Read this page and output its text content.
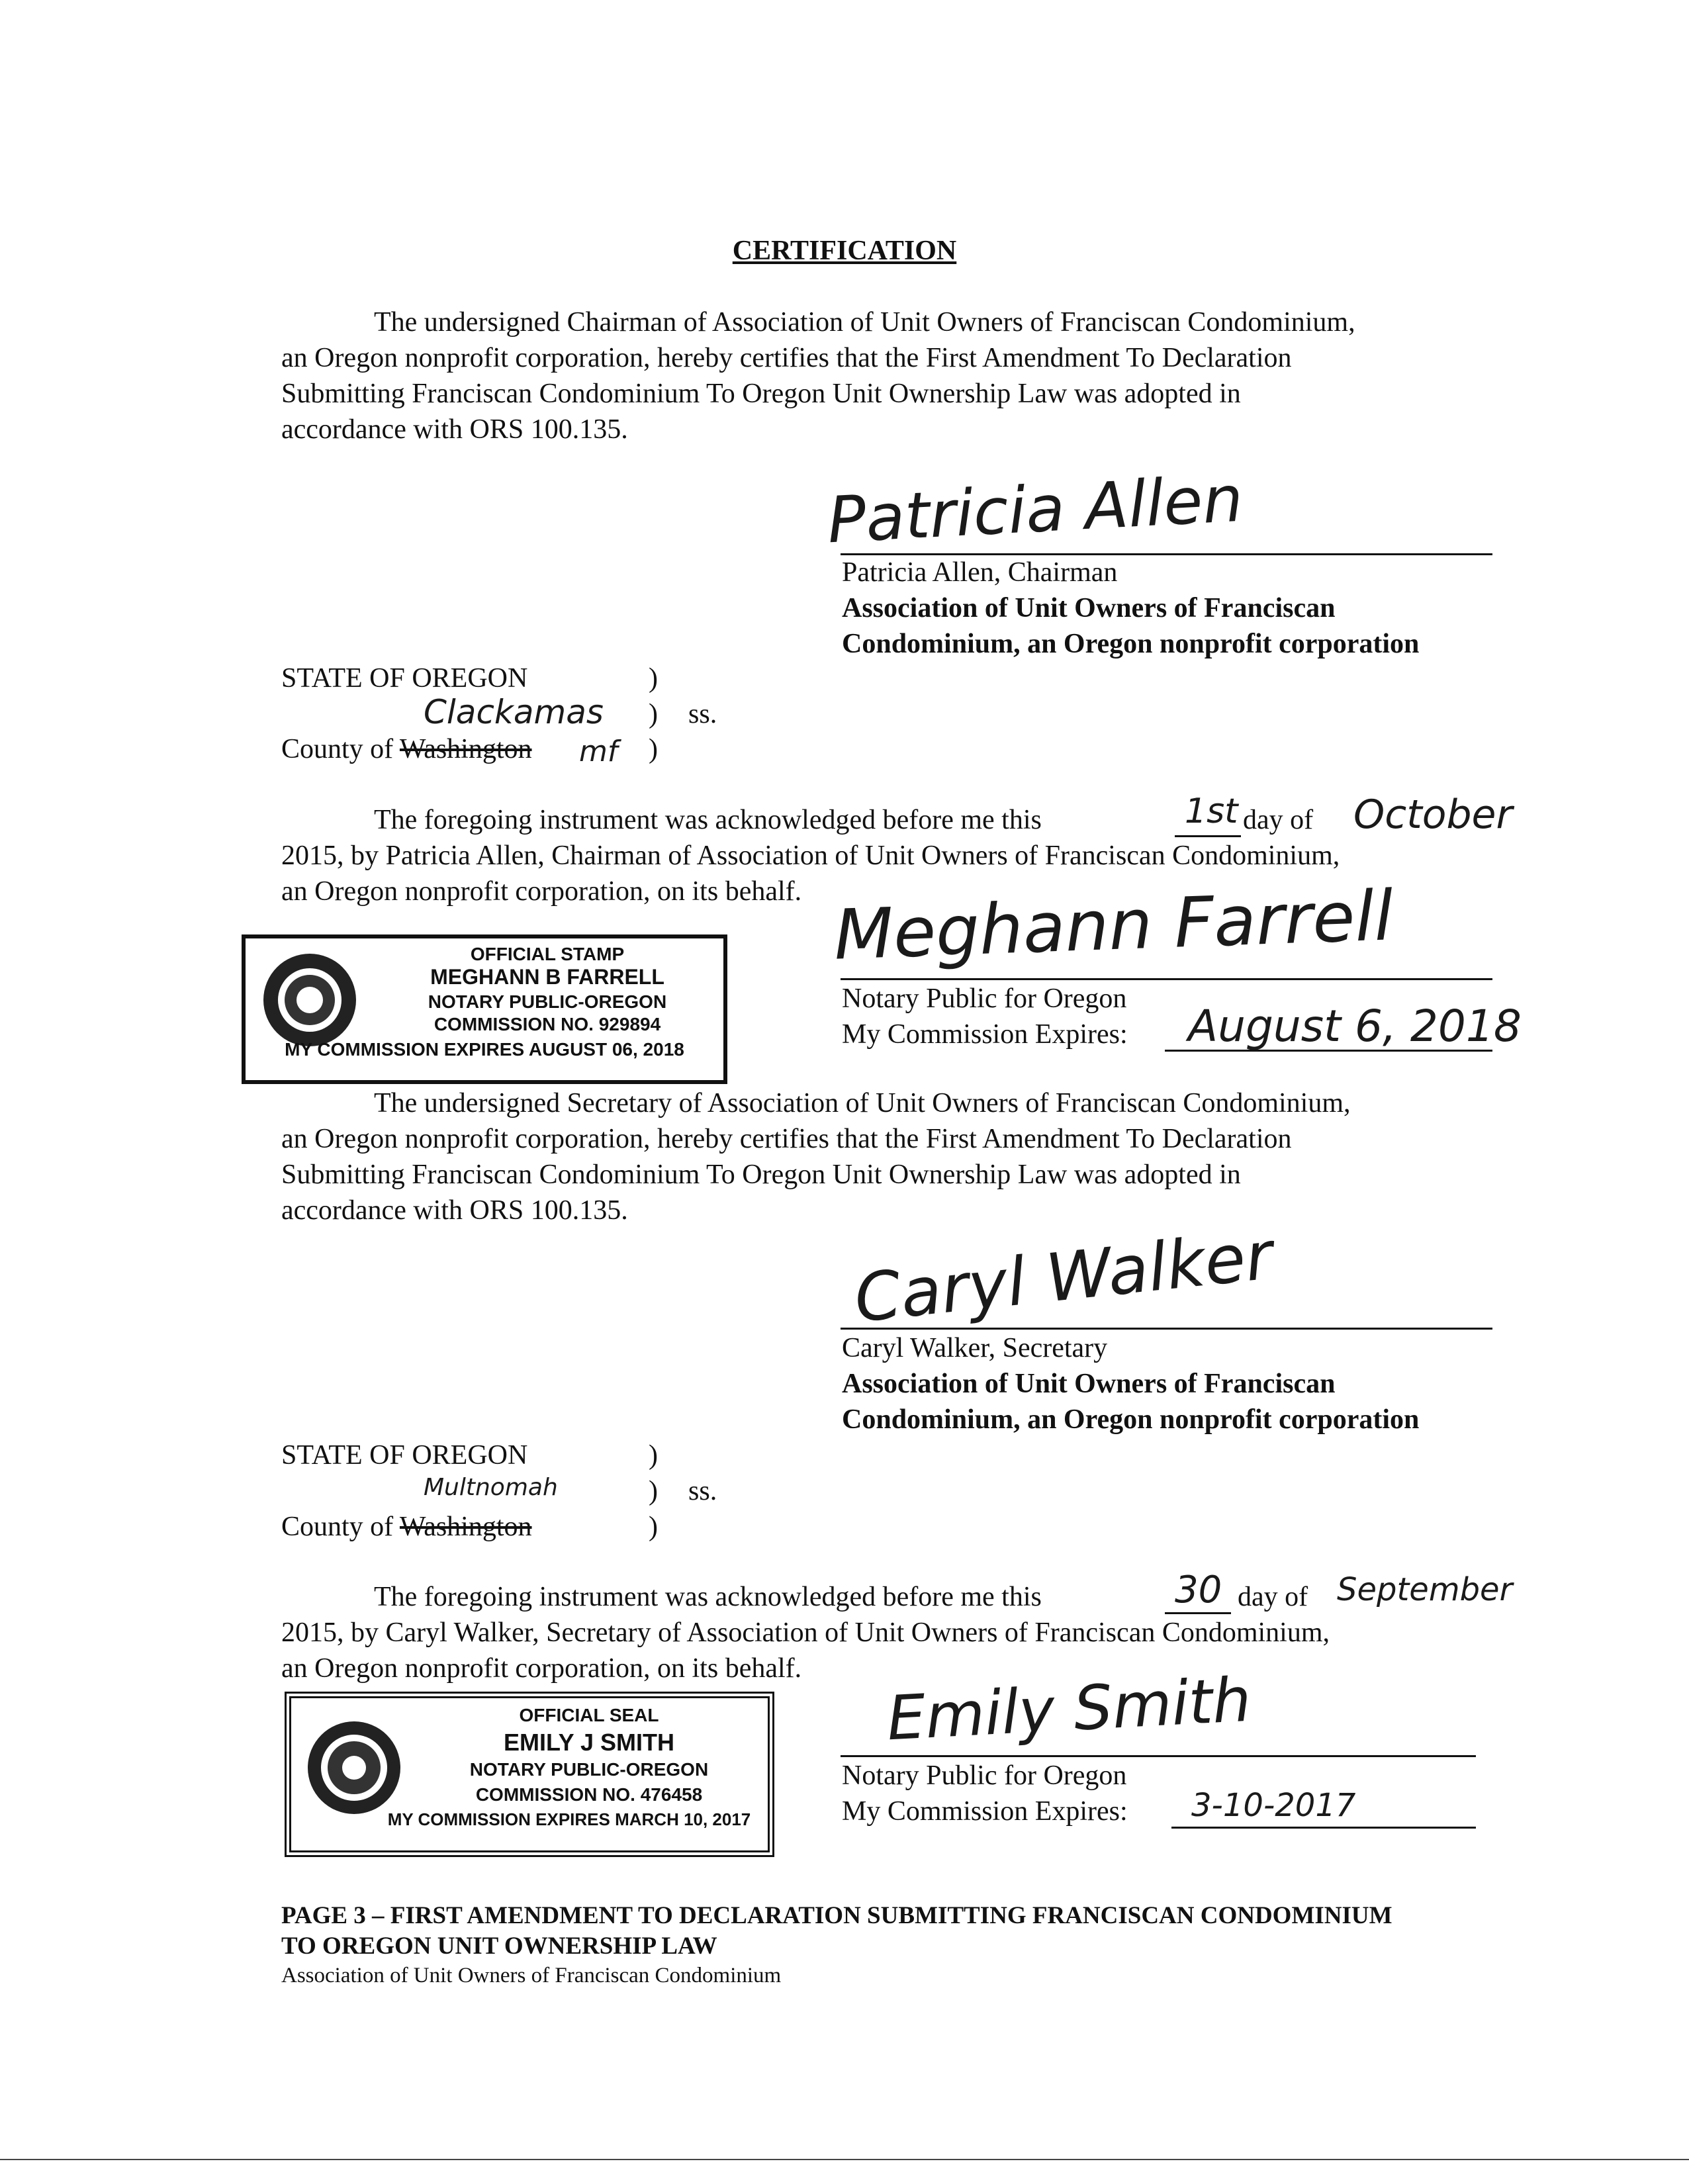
CERTIFICATION
The undersigned Chairman of Association of Unit Owners of Franciscan Condominium,
an Oregon nonprofit corporation, hereby certifies that the First Amendment To Declaration
Submitting Franciscan Condominium To Oregon Unit Ownership Law was adopted in
accordance with ORS 100.135.
Patricia Allen
Patricia Allen, Chairman
Association of Unit Owners of Franciscan
Condominium, an Oregon nonprofit corporation
STATE OF OREGON	)
Clackamas ) ss.
County of Washington mf )
The foregoing instrument was acknowledged before me this	1st day of October
2015, by Patricia Allen, Chairman of Association of Unit Owners of Franciscan Condominium,
an Oregon nonprofit corporation, on its behalf.
OFFICIAL STAMP
MEGHANN B FARRELL
NOTARY PUBLIC-OREGON
COMMISSION NO. 929894
MY COMMISSION EXPIRES AUGUST 06, 2018
Meghann Farrell
Notary Public for Oregon
My Commission Expires: August 6, 2018
The undersigned Secretary of Association of Unit Owners of Franciscan Condominium,
an Oregon nonprofit corporation, hereby certifies that the First Amendment To Declaration
Submitting Franciscan Condominium To Oregon Unit Ownership Law was adopted in
accordance with ORS 100.135.
Caryl Walker
Caryl Walker, Secretary
Association of Unit Owners of Franciscan
Condominium, an Oregon nonprofit corporation
STATE OF OREGON	)
Multnomah	) ss.
County of Washington	)
The foregoing instrument was acknowledged before me this	30 day of September
2015, by Caryl Walker, Secretary of Association of Unit Owners of Franciscan Condominium,
an Oregon nonprofit corporation, on its behalf.
OFFICIAL SEAL
EMILY J SMITH
NOTARY PUBLIC-OREGON
COMMISSION NO. 476458
MY COMMISSION EXPIRES MARCH 10, 2017
Emily Smith
Notary Public for Oregon
My Commission Expires: 3-10-2017
PAGE 3 – FIRST AMENDMENT TO DECLARATION SUBMITTING FRANCISCAN CONDOMINIUM
TO OREGON UNIT OWNERSHIP LAW
Association of Unit Owners of Franciscan Condominium
